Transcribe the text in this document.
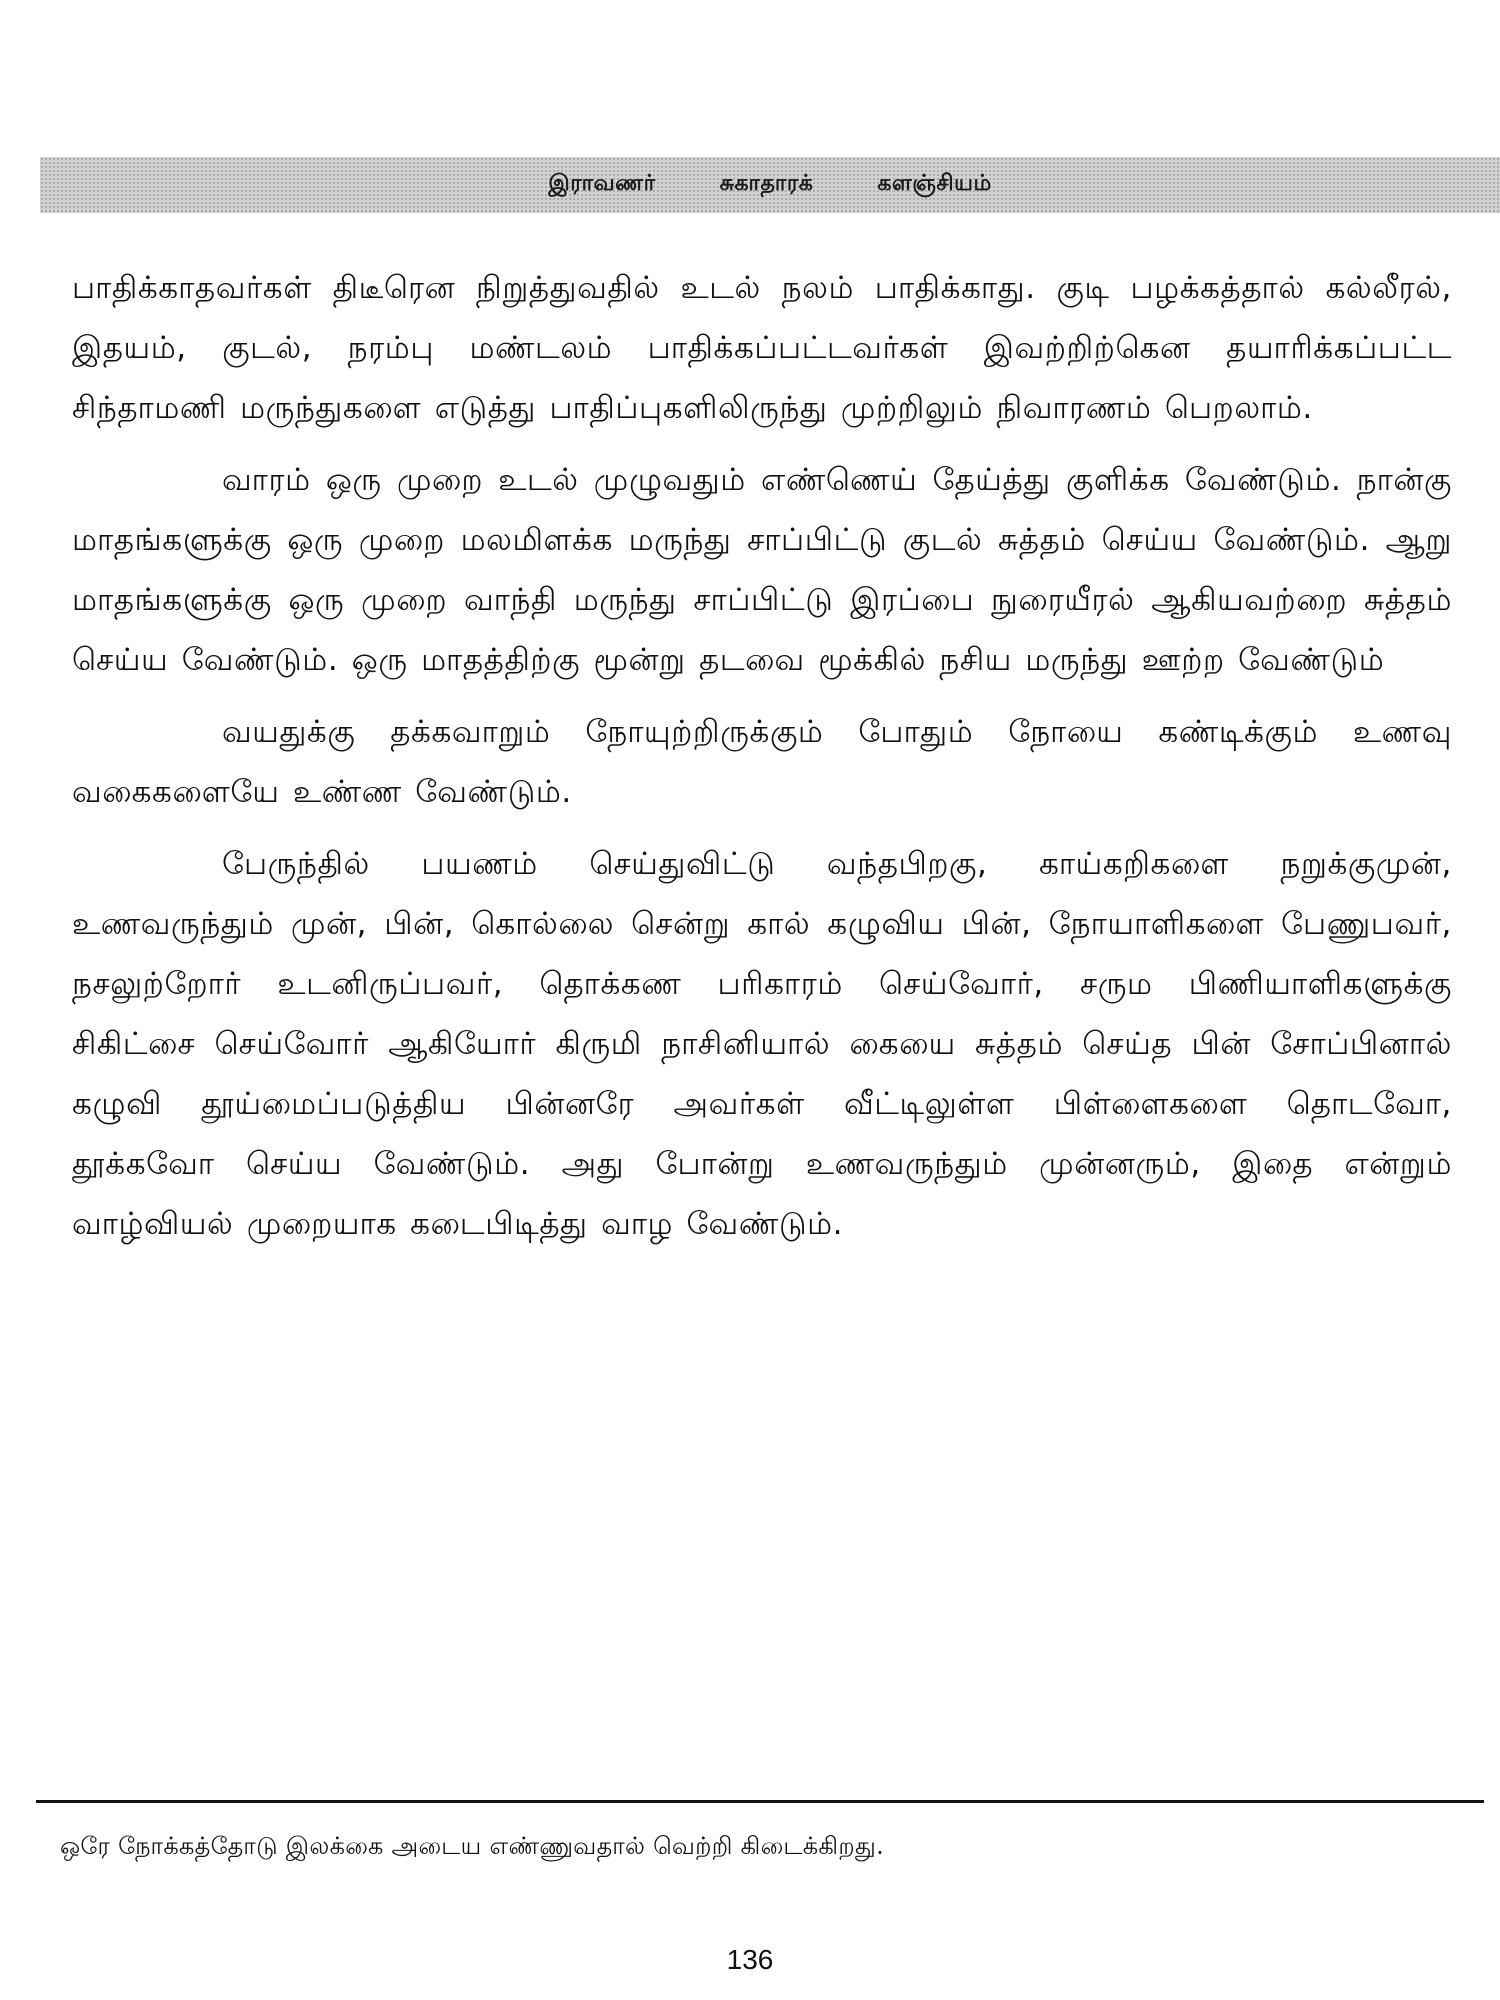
இராவணர்	சுகாதாரக்	களஞ்சியம்

பாதிக்காதவர்கள் திடீரென நிறுத்துவதில் உடல் நலம் பாதிக்காது. குடி பழக்கத்தால் கல்லீரல், இதயம், குடல், நரம்பு மண்டலம் பாதிக்கப்பட்டவர்கள் இவற்றிற்கென தயாரிக்கப்பட்ட சிந்தாமணி மருந்துகளை எடுத்து பாதிப்புகளிலிருந்து முற்றிலும் நிவாரணம் பெறலாம்.

வாரம் ஒரு முறை உடல் முழுவதும் எண்ணெய் தேய்த்து குளிக்க வேண்டும். நான்கு மாதங்களுக்கு ஒரு முறை மலமிளக்க மருந்து சாப்பிட்டு குடல் சுத்தம் செய்ய வேண்டும். ஆறு மாதங்களுக்கு ஒரு முறை வாந்தி மருந்து சாப்பிட்டு இரப்பை நுரையீரல் ஆகியவற்றை சுத்தம் செய்ய வேண்டும். ஒரு மாதத்திற்கு மூன்று தடவை மூக்கில் நசிய மருந்து ஊற்ற வேண்டும்

வயதுக்கு தக்கவாறும் நோயுற்றிருக்கும் போதும் நோயை கண்டிக்கும் உணவு வகைகளையே உண்ண வேண்டும்.

பேருந்தில் பயணம் செய்துவிட்டு வந்தபிறகு, காய்கறிகளை நறுக்குமுன், உணவருந்தும் முன், பின், கொல்லை சென்று கால் கழுவிய பின், நோயாளிகளை பேணுபவர், நசலுற்றோர் உடனிருப்பவர், தொக்கண பரிகாரம் செய்வோர், சரும பிணியாளிகளுக்கு சிகிட்சை செய்வோர் ஆகியோர் கிருமி நாசினியால் கையை சுத்தம் செய்த பின் சோப்பினால் கழுவி தூய்மைப்படுத்திய பின்னரே அவர்கள் வீட்டிலுள்ள பிள்ளைகளை தொடவோ, தூக்கவோ செய்ய வேண்டும். அது போன்று உணவருந்தும் முன்னரும், இதை என்றும் வாழ்வியல் முறையாக கடைபிடித்து வாழ வேண்டும்.

ஒரே நோக்கத்தோடு இலக்கை அடைய எண்ணுவதால் வெற்றி கிடைக்கிறது.
136
